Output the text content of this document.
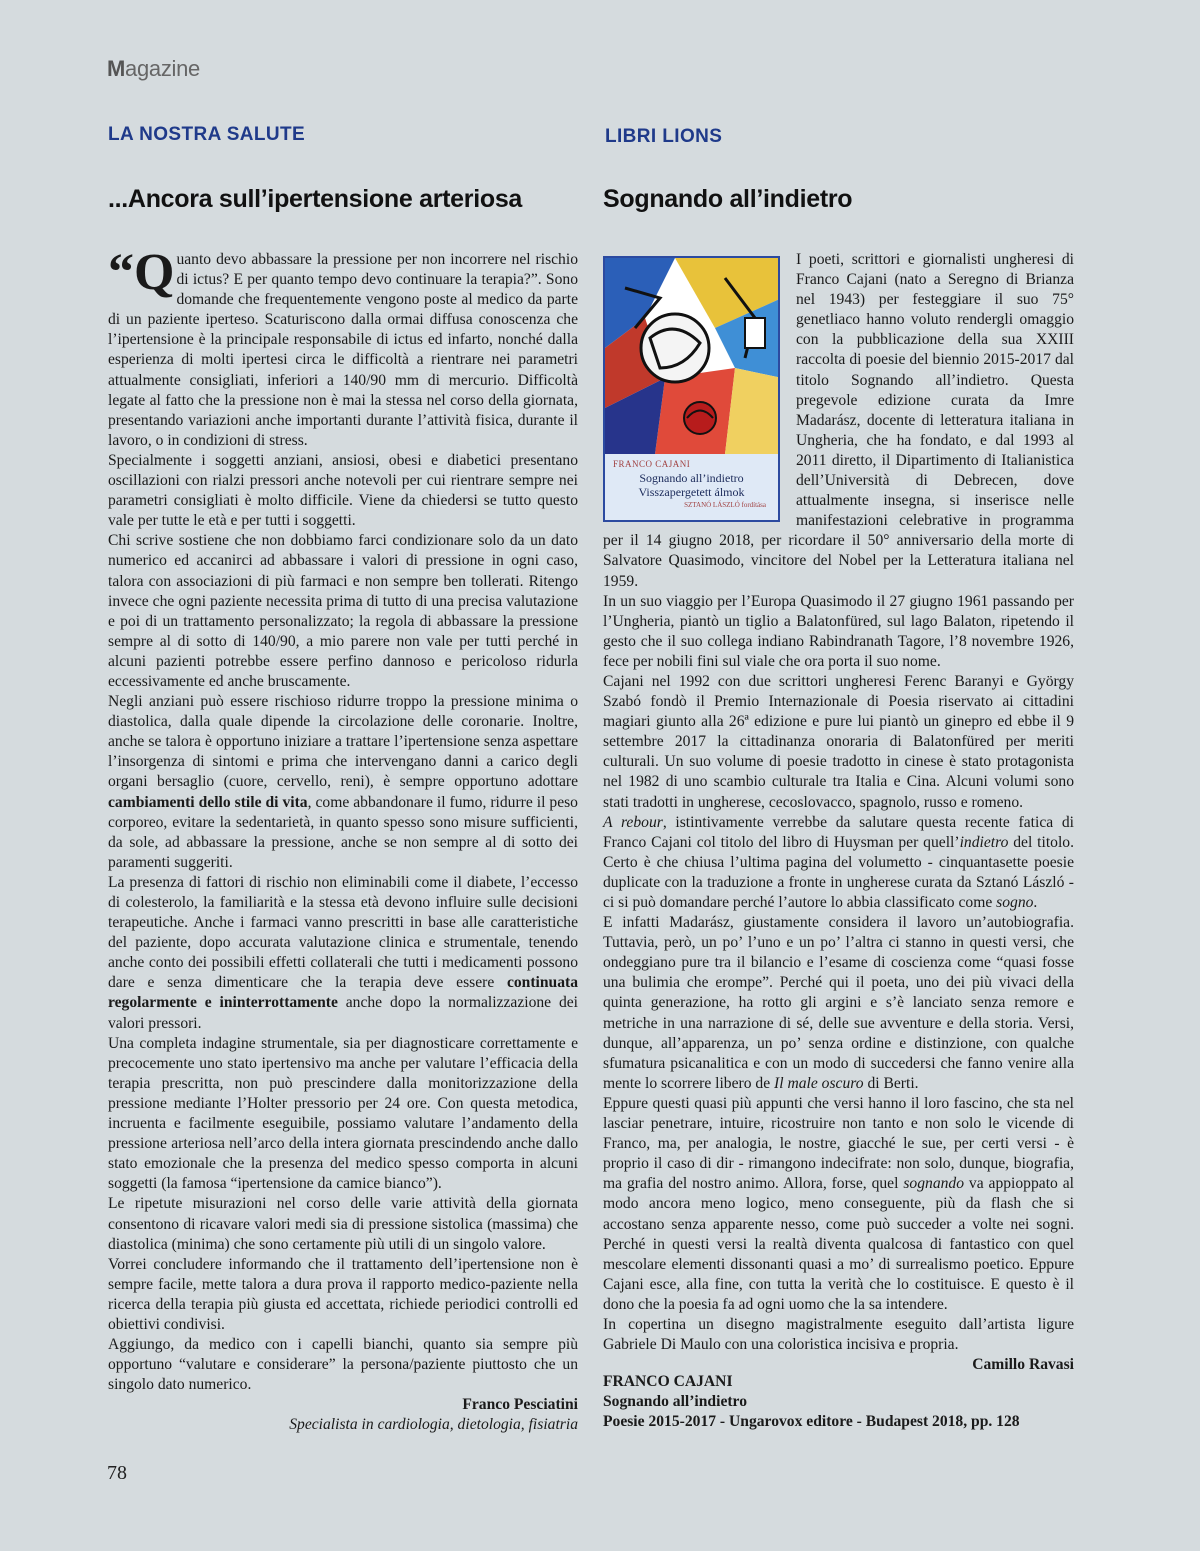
Magazine
LA NOSTRA SALUTE	LIBRI LIONS
...Ancora sull’ipertensione arteriosa	Sognando all’indietro

“Quanto devo abbassare la pressione per non incorrere nel rischio di ictus? E per quanto tempo devo continuare la terapia?”. Sono domande che frequentemente vengono poste al medico da parte di un paziente iperteso. Scaturiscono dalla ormai diffusa conoscenza che l’ipertensione è la principale responsabile di ictus ed infarto, nonché dalla esperienza di molti ipertesi circa le difficoltà a rientrare nei parametri attualmente consigliati, inferiori a 140/90 mm di mercurio. Difficoltà legate al fatto che la pressione non è mai la stessa nel corso della giornata, presentando variazioni anche importanti durante l’attività fisica, durante il lavoro, o in condizioni di stress.

Specialmente i soggetti anziani, ansiosi, obesi e diabetici presentano oscillazioni con rialzi pressori anche notevoli per cui rientrare sempre nei parametri consigliati è molto difficile. Viene da chiedersi se tutto questo vale per tutte le età e per tutti i soggetti.

Chi scrive sostiene che non dobbiamo farci condizionare solo da un dato numerico ed accanirci ad abbassare i valori di pressione in ogni caso, talora con associazioni di più farmaci e non sempre ben tollerati. Ritengo invece che ogni paziente necessita prima di tutto di una precisa valutazione e poi di un trattamento personalizzato; la regola di abbassare la pressione sempre al di sotto di 140/90, a mio parere non vale per tutti perché in alcuni pazienti potrebbe essere perfino dannoso e pericoloso ridurla eccessivamente ed anche bruscamente.

Negli anziani può essere rischioso ridurre troppo la pressione minima o diastolica, dalla quale dipende la circolazione delle coronarie. Inoltre, anche se talora è opportuno iniziare a trattare l’ipertensione senza aspettare l’insorgenza di sintomi e prima che intervengano danni a carico degli organi bersaglio (cuore, cervello, reni), è sempre opportuno adottare cambiamenti dello stile di vita, come abbandonare il fumo, ridurre il peso corporeo, evitare la sedentarietà, in quanto spesso sono misure sufficienti, da sole, ad abbassare la pressione, anche se non sempre al di sotto dei paramenti suggeriti.

La presenza di fattori di rischio non eliminabili come il diabete, l’eccesso di colesterolo, la familiarità e la stessa età devono influire sulle decisioni terapeutiche. Anche i farmaci vanno prescritti in base alle caratteristiche del paziente, dopo accurata valutazione clinica e strumentale, tenendo anche conto dei possibili effetti collaterali che tutti i medicamenti possono dare e senza dimenticare che la terapia deve essere continuata regolarmente e ininterrottamente anche dopo la normalizzazione dei valori pressori.

Una completa indagine strumentale, sia per diagnosticare correttamente e precocemente uno stato ipertensivo ma anche per valutare l’efficacia della terapia prescritta, non può prescindere dalla monitorizzazione della pressione mediante l’Holter pressorio per 24 ore. Con questa metodica, incruenta e facilmente eseguibile, possiamo valutare l’andamento della pressione arteriosa nell’arco della intera giornata prescindendo anche dallo stato emozionale che la presenza del medico spesso comporta in alcuni soggetti (la famosa “ipertensione da camice bianco”).

Le ripetute misurazioni nel corso delle varie attività della giornata consentono di ricavare valori medi sia di pressione sistolica (massima) che diastolica (minima) che sono certamente più utili di un singolo valore.

Vorrei concludere informando che il trattamento dell’ipertensione non è sempre facile, mette talora a dura prova il rapporto medico-paziente nella ricerca della terapia più giusta ed accettata, richiede periodici controlli ed obiettivi condivisi.

Aggiungo, da medico con i capelli bianchi, quanto sia sempre più opportuno “valutare e considerare” la persona/paziente piuttosto che un singolo dato numerico.

Franco Pesciatini

Specialista in cardiologia, dietologia, fisiatria

FRANCO CAJANI
Sognando all’indietro
Visszapergetett álmok
SZTANÓ LÁSZLÓ fordítása

I poeti, scrittori e giornalisti ungheresi di Franco Cajani (nato a Seregno di Brianza nel 1943) per festeggiare il suo 75° genetliaco hanno voluto rendergli omaggio con la pubblicazione della sua XXIII raccolta di poesie del biennio 2015-2017 dal titolo Sognando all’indietro. Questa pregevole edizione curata da Imre Madarász, docente di letteratura italiana in Ungheria, che ha fondato, e dal 1993 al 2011 diretto, il Dipartimento di Italianistica dell’Università di Debrecen, dove attualmente insegna, si inserisce nelle manifestazioni celebrative in programma per il 14 giugno 2018, per ricordare il 50° anniversario della morte di Salvatore Quasimodo, vincitore del Nobel per la Letteratura italiana nel 1959.

In un suo viaggio per l’Europa Quasimodo il 27 giugno 1961 passando per l’Ungheria, piantò un tiglio a Balatonfüred, sul lago Balaton, ripetendo il gesto che il suo collega indiano Rabindranath Tagore, l’8 novembre 1926, fece per nobili fini sul viale che ora porta il suo nome.

Cajani nel 1992 con due scrittori ungheresi Ferenc Baranyi e György Szabó fondò il Premio Internazionale di Poesia riservato ai cittadini magiari giunto alla 26ª edizione e pure lui piantò un ginepro ed ebbe il 9 settembre 2017 la cittadinanza onoraria di Balatonfüred per meriti culturali. Un suo volume di poesie tradotto in cinese è stato protagonista nel 1982 di uno scambio culturale tra Italia e Cina. Alcuni volumi sono stati tradotti in ungherese, cecoslovacco, spagnolo, russo e romeno.

A rebour, istintivamente verrebbe da salutare questa recente fatica di Franco Cajani col titolo del libro di Huysman per quell’indietro del titolo. Certo è che chiusa l’ultima pagina del volumetto - cinquantasette poesie duplicate con la traduzione a fronte in ungherese curata da Sztanó László - ci si può domandare perché l’autore lo abbia classificato come sogno.

E infatti Madarász, giustamente considera il lavoro un’autobiografia. Tuttavia, però, un po’ l’uno e un po’ l’altra ci stanno in questi versi, che ondeggiano pure tra il bilancio e l’esame di coscienza come “quasi fosse una bulimia che erompe”. Perché qui il poeta, uno dei più vivaci della quinta generazione, ha rotto gli argini e s’è lanciato senza remore e metriche in una narrazione di sé, delle sue avventure e della storia. Versi, dunque, all’apparenza, un po’ senza ordine e distinzione, con qualche sfumatura psicanalitica e con un modo di succedersi che fanno venire alla mente lo scorrere libero de Il male oscuro di Berti.

Eppure questi quasi più appunti che versi hanno il loro fascino, che sta nel lasciar penetrare, intuire, ricostruire non tanto e non solo le vicende di Franco, ma, per analogia, le nostre, giacché le sue, per certi versi - è proprio il caso di dir - rimangono indecifrate: non solo, dunque, biografia, ma grafia del nostro animo. Allora, forse, quel sognando va appioppato al modo ancora meno logico, meno conseguente, più da flash che si accostano senza apparente nesso, come può succeder a volte nei sogni. Perché in questi versi la realtà diventa qualcosa di fantastico con quel mescolare elementi dissonanti quasi a mo’ di surrealismo poetico. Eppure Cajani esce, alla fine, con tutta la verità che lo costituisce. E questo è il dono che la poesia fa ad ogni uomo che la sa intendere.

In copertina un disegno magistralmente eseguito dall’artista ligure Gabriele Di Maulo con una coloristica incisiva e propria.

Camillo Ravasi

FRANCO CAJANI
Sognando all’indietro
Poesie 2015-2017 - Ungarovox editore - Budapest 2018, pp. 128
78
